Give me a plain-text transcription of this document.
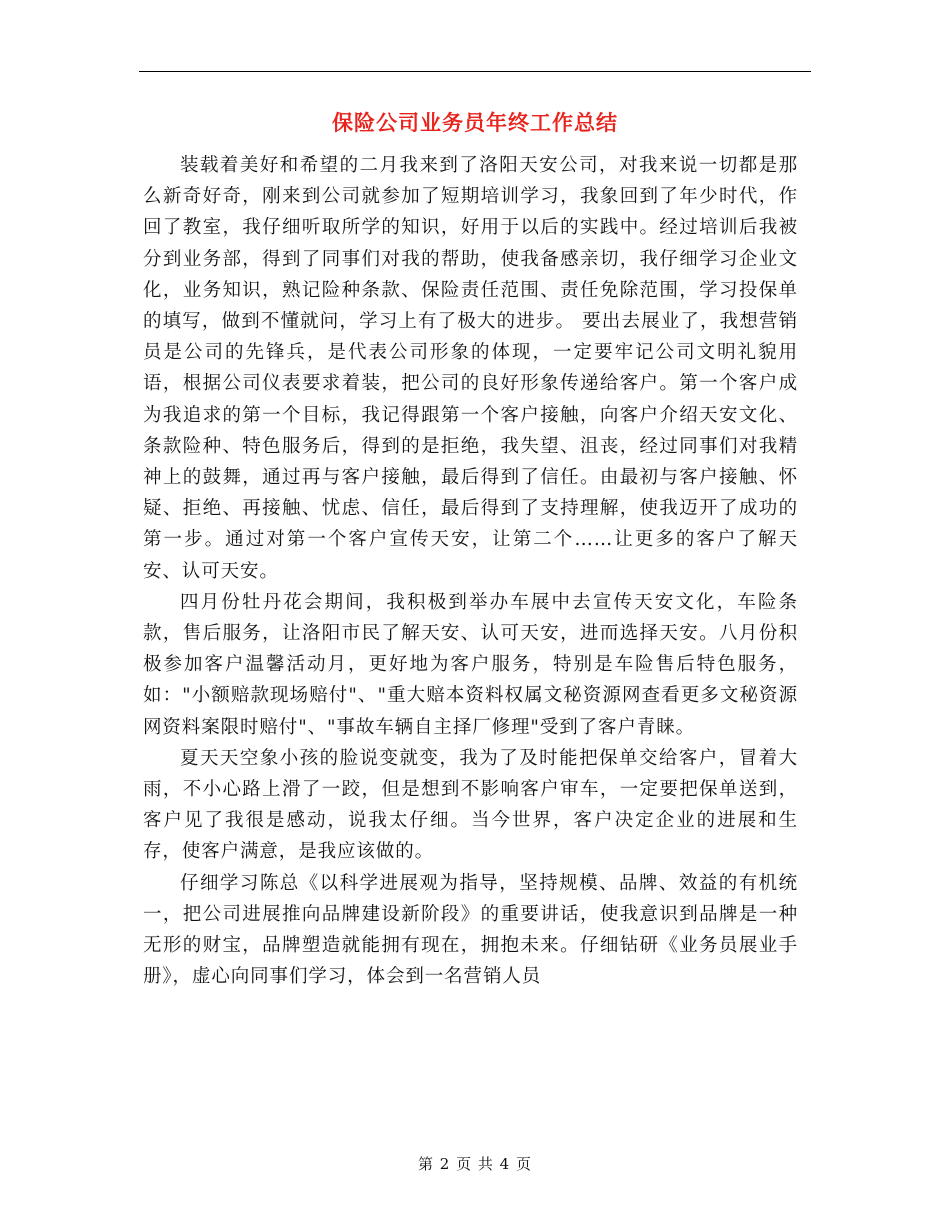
保险公司业务员年终工作总结

装载着美好和希望的二月我来到了洛阳天安公司，对我来说一切都是那么新奇好奇，刚来到公司就参加了短期培训学习，我象回到了年少时代，作回了教室，我仔细听取所学的知识，好用于以后的实践中。经过培训后我被分到业务部，得到了同事们对我的帮助，使我备感亲切，我仔细学习企业文化，业务知识，熟记险种条款、保险责任范围、责任免除范围，学习投保单的填写，做到不懂就问，学习上有了极大的进步。 要出去展业了，我想营销员是公司的先锋兵，是代表公司形象的体现，一定要牢记公司文明礼貌用语，根据公司仪表要求着装，把公司的良好形象传递给客户。第一个客户成为我追求的第一个目标，我记得跟第一个客户接触，向客户介绍天安文化、条款险种、特色服务后，得到的是拒绝，我失望、沮丧，经过同事们对我精神上的鼓舞，通过再与客户接触，最后得到了信任。由最初与客户接触、怀疑、拒绝、再接触、忧虑、信任，最后得到了支持理解，使我迈开了成功的第一步。通过对第一个客户宣传天安，让第二个……让更多的客户了解天安、认可天安。

四月份牡丹花会期间，我积极到举办车展中去宣传天安文化，车险条款，售后服务，让洛阳市民了解天安、认可天安，进而选择天安。八月份积极参加客户温馨活动月，更好地为客户服务，特别是车险售后特色服务，如："小额赔款现场赔付"、"重大赔本资料权属文秘资源网查看更多文秘资源网资料案限时赔付"、"事故车辆自主择厂修理"受到了客户青睐。

夏天天空象小孩的脸说变就变，我为了及时能把保单交给客户，冒着大雨，不小心路上滑了一跤，但是想到不影响客户审车，一定要把保单送到，客户见了我很是感动，说我太仔细。当今世界，客户决定企业的进展和生存，使客户满意，是我应该做的。

仔细学习陈总《以科学进展观为指导，坚持规模、品牌、效益的有机统一，把公司进展推向品牌建设新阶段》的重要讲话，使我意识到品牌是一种无形的财宝，品牌塑造就能拥有现在，拥抱未来。仔细钻研《业务员展业手册》，虚心向同事们学习，体会到一名营销人员

第 2 页 共 4 页
